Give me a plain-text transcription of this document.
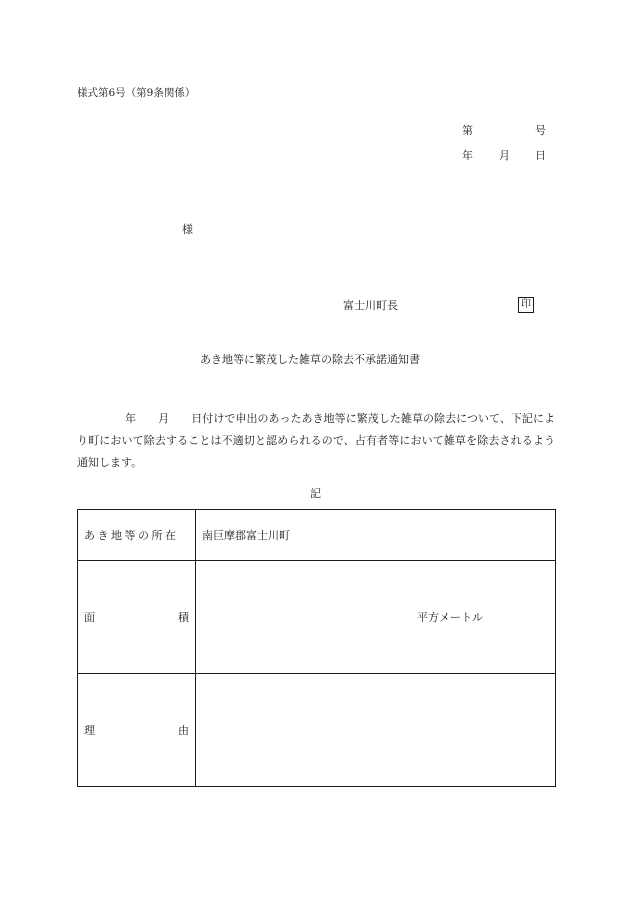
様式第6号（第9条関係）
第	号
年 月 日
様
富士川町長	印
あき地等に繁茂した雑草の除去不承諾通知書
年 月 日付けで申出のあったあき地等に繁茂した雑草の除去について、下記により町において除去することは不適切と認められるので、占有者等において雑草を除去されるよう通知します。
記
あき地等の所在	南巨摩郡富士川町

面 積	平方メートル

理 由	
